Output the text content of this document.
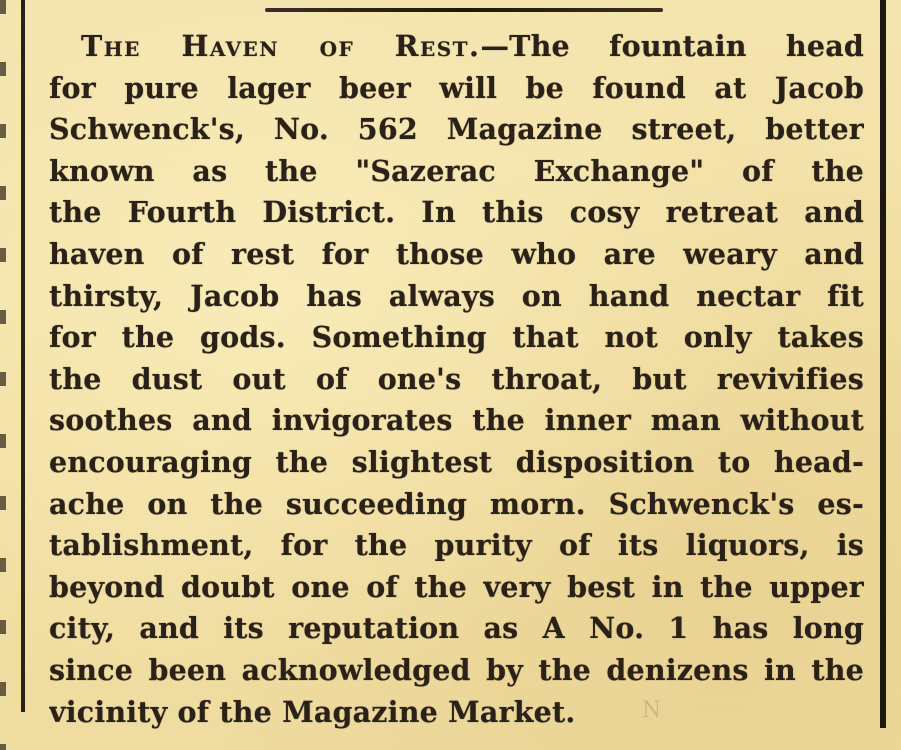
The Haven of Rest.—The fountain head
for pure lager beer will be found at Jacob
Schwenck's, No. 562 Magazine street, better
known as the "Sazerac Exchange" of the
the Fourth District. In this cosy retreat and
haven of rest for those who are weary and
thirsty, Jacob has always on hand nectar fit
for the gods. Something that not only takes
the dust out of one's throat, but revivifies
soothes and invigorates the inner man without
encouraging the slightest disposition to head-
ache on the succeeding morn. Schwenck's es-
tablishment, for the purity of its liquors, is
beyond doubt one of the very best in the upper
city, and its reputation as A No. 1 has long
since been acknowledged by the denizens in the
vicinity of the Magazine Market.	N
